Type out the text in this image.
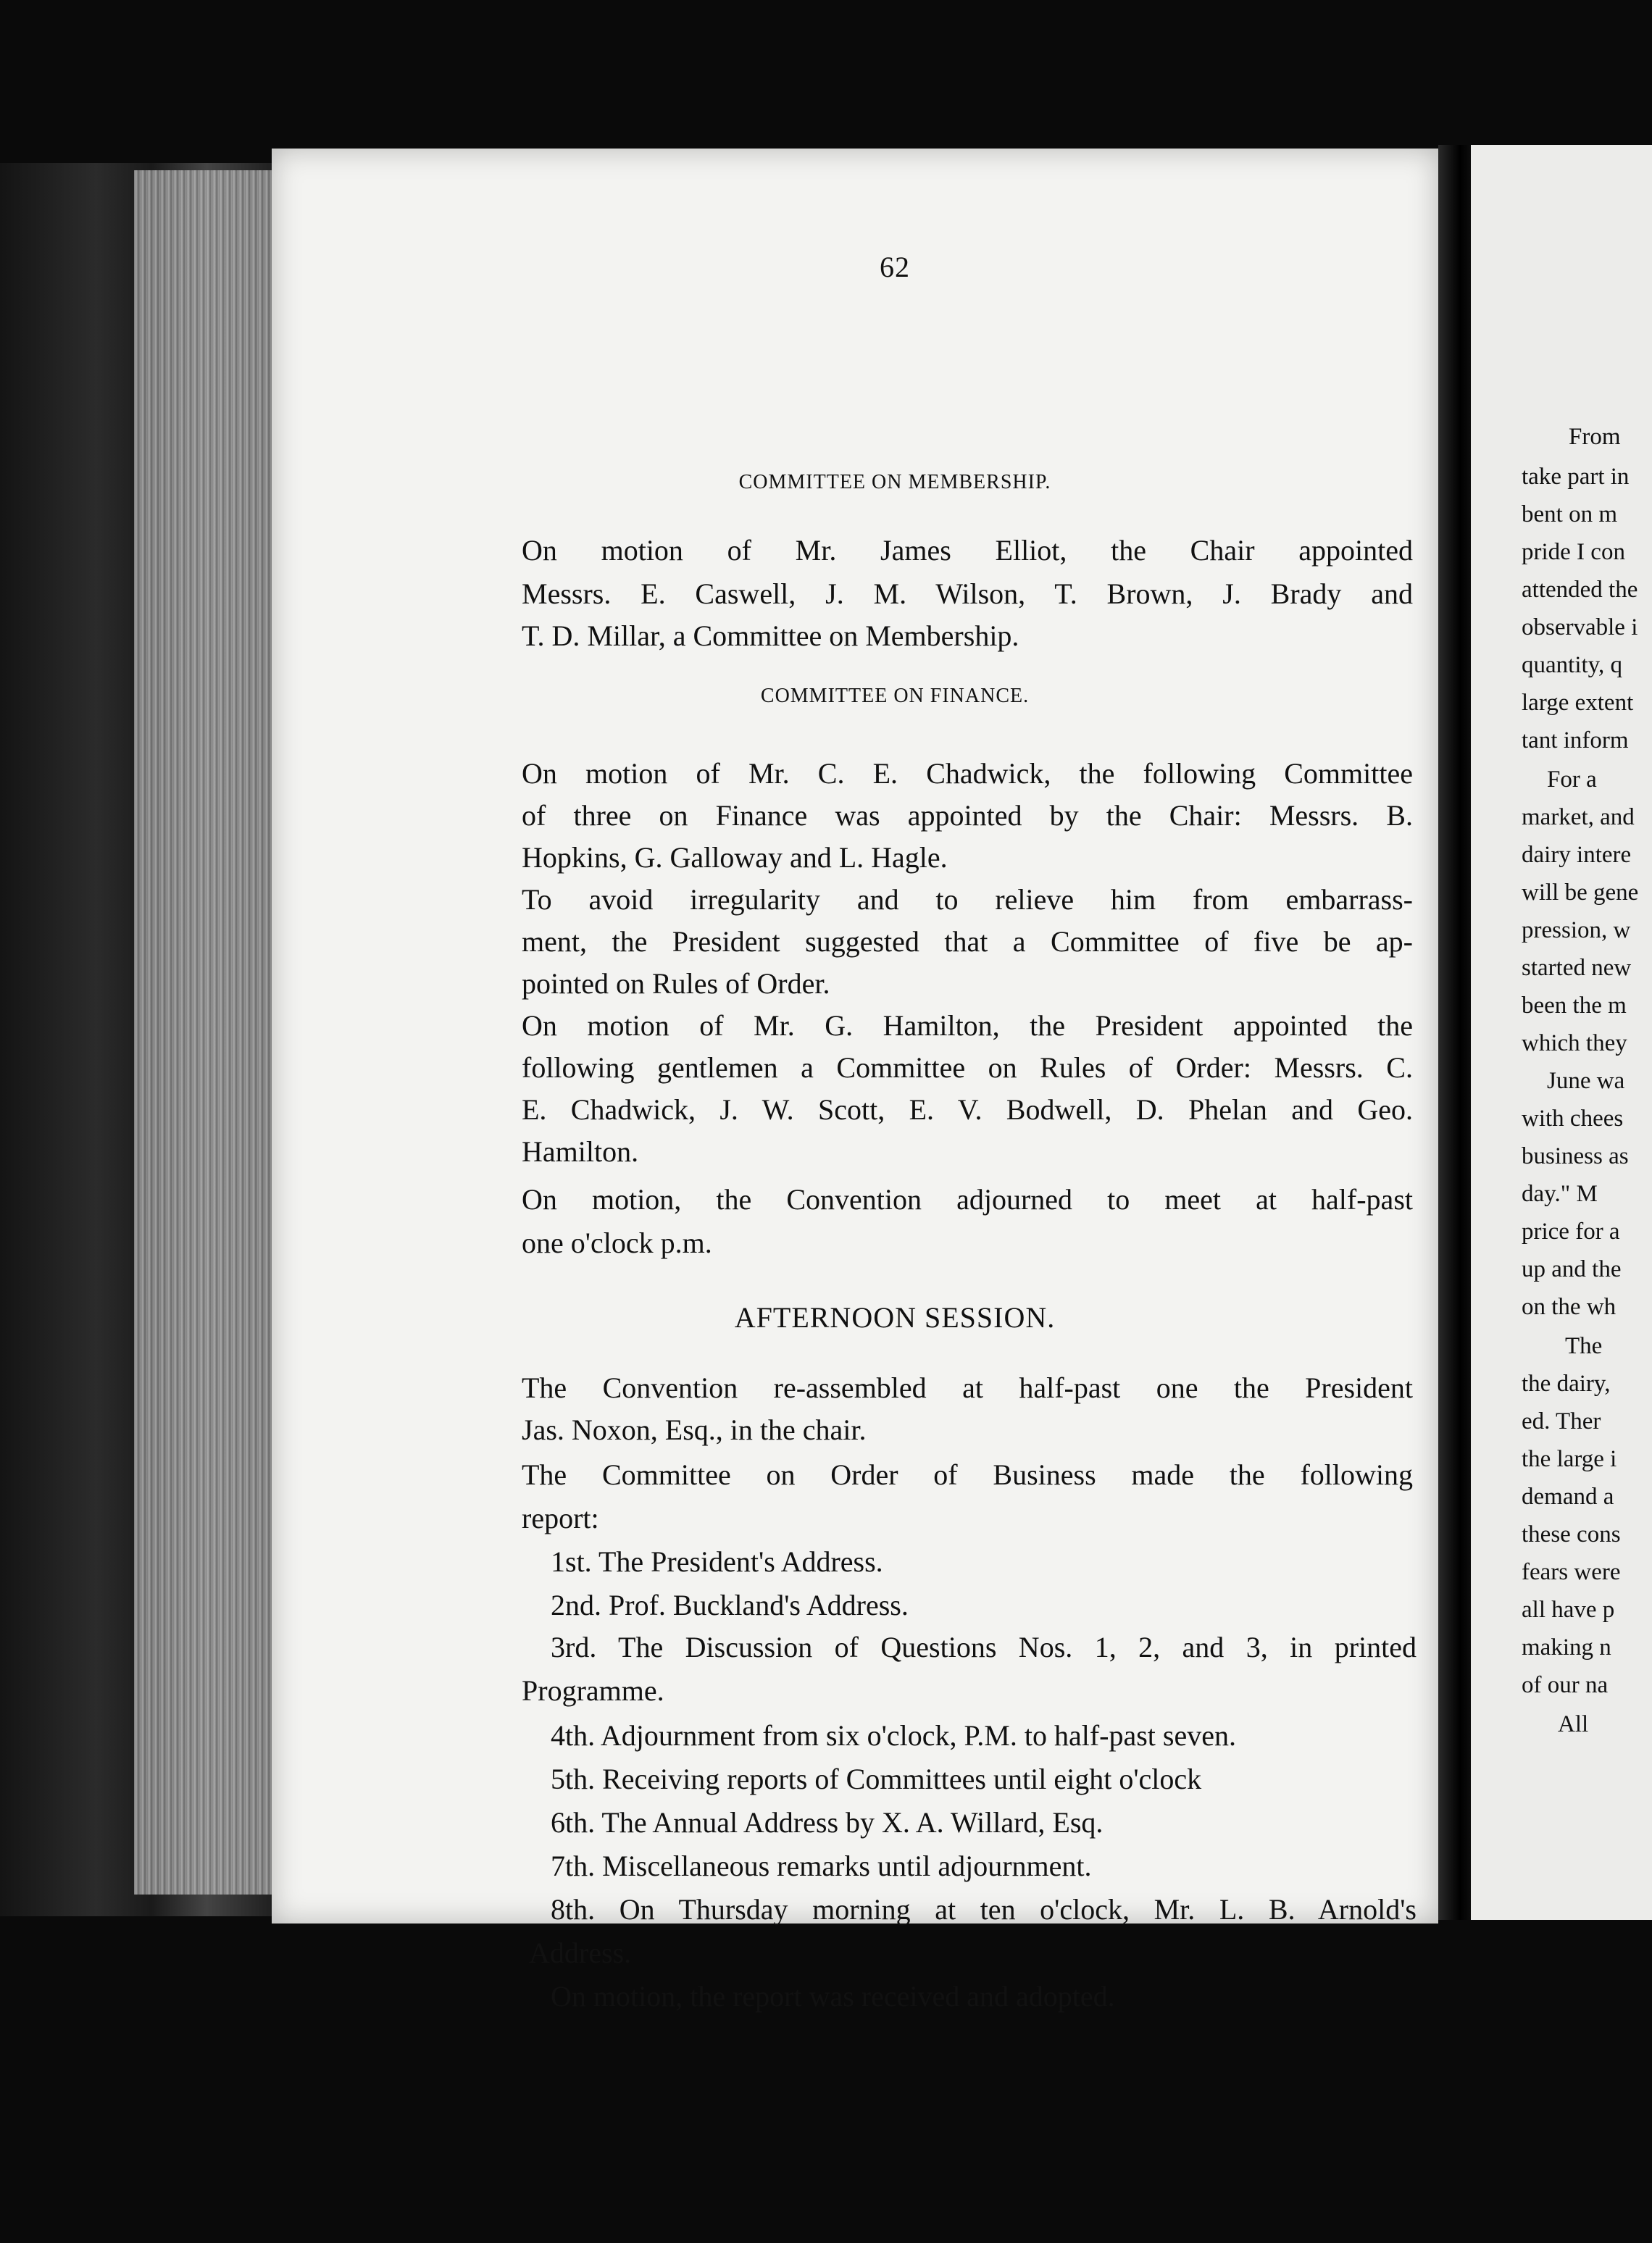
62
COMMITTEE ON MEMBERSHIP.
On motion of Mr. James Elliot, the Chair appointed
Messrs. E. Caswell, J. M. Wilson, T. Brown, J. Brady and
T. D. Millar, a Committee on Membership.
COMMITTEE ON FINANCE.
On motion of Mr. C. E. Chadwick, the following Committee
of three on Finance was appointed by the Chair: Messrs. B.
Hopkins, G. Galloway and L. Hagle.
To avoid irregularity and to relieve him from embarrass-
ment, the President suggested that a Committee of five be ap-
pointed on Rules of Order.
On motion of Mr. G. Hamilton, the President appointed the
following gentlemen a Committee on Rules of Order: Messrs. C.
E. Chadwick, J. W. Scott, E. V. Bodwell, D. Phelan and Geo.
Hamilton.
On motion, the Convention adjourned to meet at half-past
one o'clock p.m.
AFTERNOON SESSION.
The Convention re-assembled at half-past one the President
Jas. Noxon, Esq., in the chair.
The Committee on Order of Business made the following
report:
1st. The President's Address.
2nd. Prof. Buckland's Address.
3rd. The Discussion of Questions Nos. 1, 2, and 3, in printed
Programme.
4th. Adjournment from six o'clock, P.M. to half-past seven.
5th. Receiving reports of Committees until eight o'clock
6th. The Annual Address by X. A. Willard, Esq.
7th. Miscellaneous remarks until adjournment.
8th. On Thursday morning at ten o'clock, Mr. L. B. Arnold's
Address.
On motion, the report was received and adopted.
From
take part in
bent on m
pride I con
attended the
observable i
quantity, q
large extent
tant inform
For a
market, and
dairy intere
will be gene
pression, w
started new
been the m
which they
June wa
with chees
business as
day." M
price for a
up and the
on the wh
The
the dairy,
ed. Ther
the large i
demand a
these cons
fears were
all have p
making n
of our na
All
